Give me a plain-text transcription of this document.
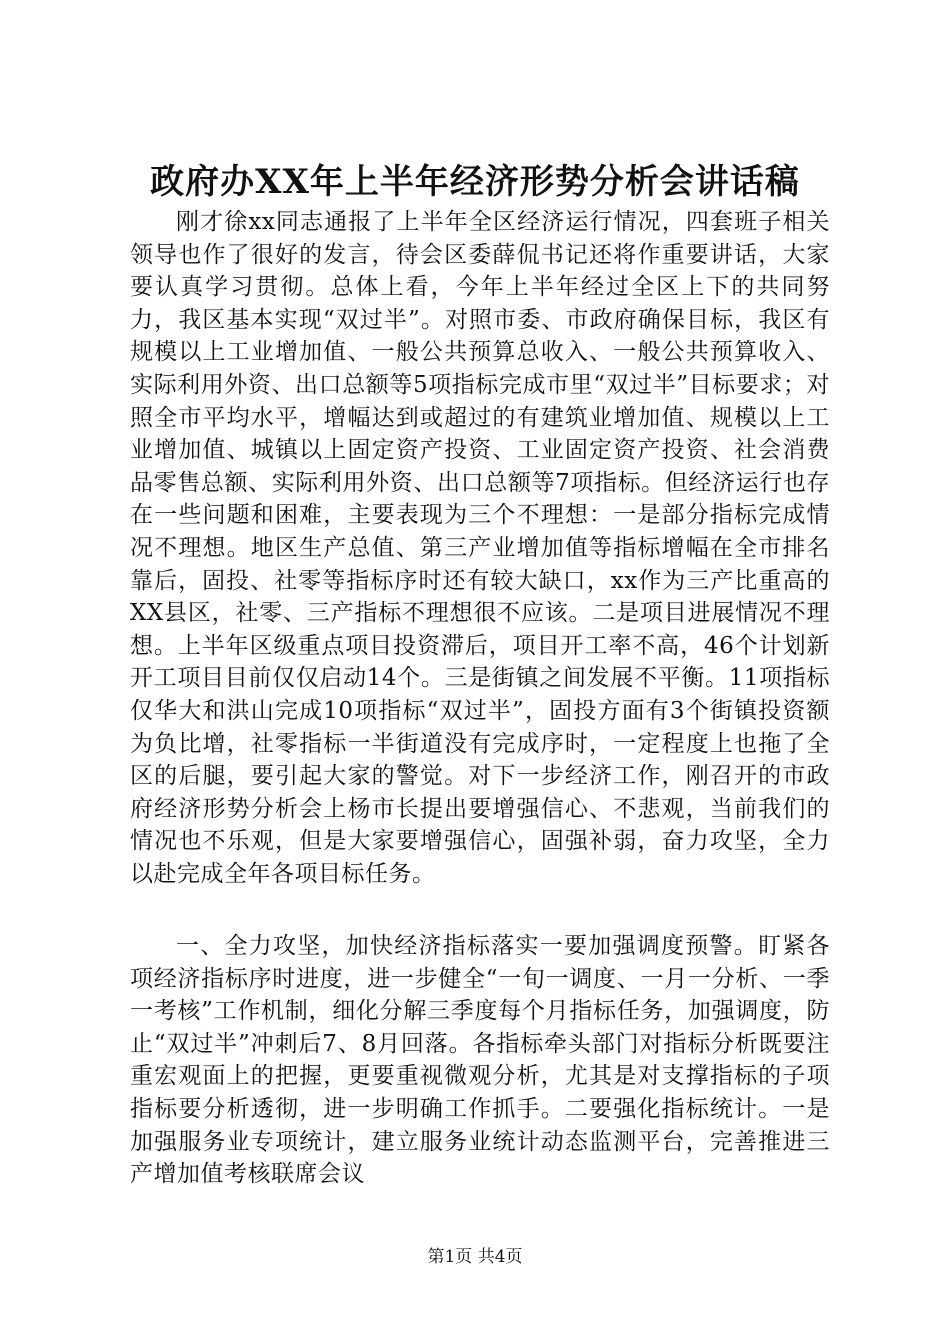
政府办XX年上半年经济形势分析会讲话稿

刚才徐xx同志通报了上半年全区经济运行情况，四套班子相关领导也作了很好的发言，待会区委薛侃书记还将作重要讲话，大家要认真学习贯彻。总体上看，今年上半年经过全区上下的共同努力，我区基本实现“双过半”。对照市委、市政府确保目标，我区有规模以上工业增加值、一般公共预算总收入、一般公共预算收入、实际利用外资、出口总额等5项指标完成市里“双过半”目标要求；对照全市平均水平，增幅达到或超过的有建筑业增加值、规模以上工业增加值、城镇以上固定资产投资、工业固定资产投资、社会消费品零售总额、实际利用外资、出口总额等7项指标。但经济运行也存在一些问题和困难，主要表现为三个不理想：一是部分指标完成情况不理想。地区生产总值、第三产业增加值等指标增幅在全市排名靠后，固投、社零等指标序时还有较大缺口，xx作为三产比重高的XX县区，社零、三产指标不理想很不应该。二是项目进展情况不理想。上半年区级重点项目投资滞后，项目开工率不高，46个计划新开工项目目前仅仅启动14个。三是街镇之间发展不平衡。11项指标仅华大和洪山完成10项指标“双过半”，固投方面有3个街镇投资额为负比增，社零指标一半街道没有完成序时，一定程度上也拖了全区的后腿，要引起大家的警觉。对下一步经济工作，刚召开的市政府经济形势分析会上杨市长提出要增强信心、不悲观，当前我们的情况也不乐观，但是大家要增强信心，固强补弱，奋力攻坚，全力以赴完成全年各项目标任务。

一、全力攻坚，加快经济指标落实一要加强调度预警。盯紧各项经济指标序时进度，进一步健全“一旬一调度、一月一分析、一季一考核”工作机制，细化分解三季度每个月指标任务，加强调度，防止“双过半”冲刺后7、8月回落。各指标牵头部门对指标分析既要注重宏观面上的把握，更要重视微观分析，尤其是对支撑指标的子项指标要分析透彻，进一步明确工作抓手。二要强化指标统计。一是加强服务业专项统计，建立服务业统计动态监测平台，完善推进三产增加值考核联席会议

第1页 共4页
